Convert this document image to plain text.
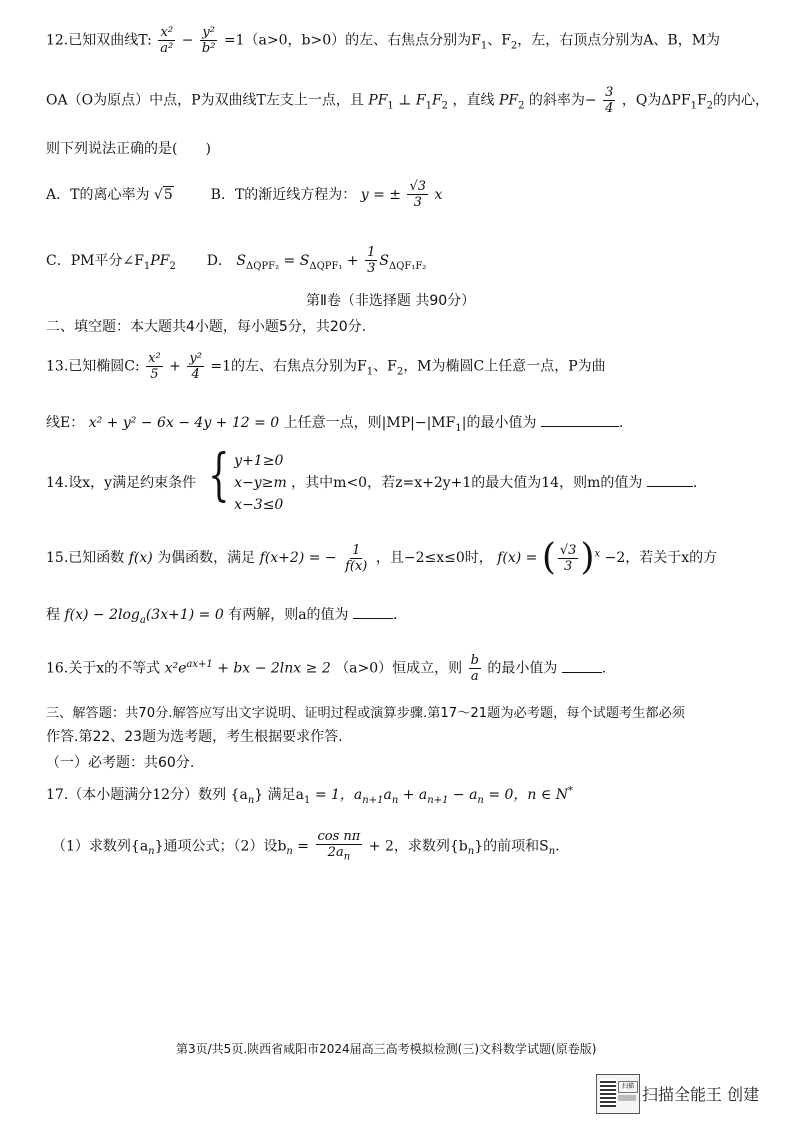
12.已知双曲线T: $\frac{\text{x²}}{\text{a²}} - \frac{\text{y²}}{\text{b²}} =1(a>0$，b>0）的左、右焦点分别为$F_1$、$F_2$，左，右顶点分别为A、B，M为
OA（O为原点）中点，P为双曲线T左支上一点，且 $PF_1$ ⊥ $F_1F_2$ ，直线 $PF_2$ 的斜率为− $\frac{3}{4}$ ，Q为$\Delta PF_1F_2$的内心，
则下列说法正确的是(　　)
A．T的离心率为 √5	B．T的渐近线方程为： y = ± $\frac{√3}{3}$ x
C．PM平分$\angle F_1PF_2$ D． $S_{\Delta QPF_2} = S_{\Delta QPF_1} + \frac{1}{3} S_{\Delta QF_1F_2}$
第Ⅱ卷（非选择题 共90分）
二、填空题：本大题共4小题，每小题5分，共20分.
13.已知椭圆C: $\frac{\text{x²}}{5} + \frac{\text{y²}}{4} =1$的左、右焦点分别为$F_1$、$F_2$，M为椭圆C上任意一点，P为曲
线E： x² + y² − 6x − 4y + 12 = 0 上任意一点，则$|MP|-|MF_1|$的最小值为	.
14.设x，y满足约束条件 { y+1≥0
x−y≥m
x−3≤0
，其中m<0，若z=x+2y+1的最大值为14，则m的值为	.
15.已知函数 f(x) 为偶函数，满足 f(x+2) = − $\frac{1}{f(x)}$ ，且−2≤x≤0时， f(x) = ( $\frac{√3}{3} )^x -2$，若关于x的方
程 $f(x) - 2\log_a(3x+1) = 0$ 有两解，则a的值为	.
16.关于x的不等式 $x^2e^{ax+1}$ + bx − 2lnx ≥ 2 （a>0）恒成立，则 $\frac{b}{a}$ 的最小值为	.
三、解答题：共70分.解答应写出文字说明、证明过程或演算步骤.第17～21题为必考题，每个试题考生都必须
作答.第22、23题为选考题，考生根据要求作答.
（一）必考题：共60分.
17.（本小题满分12分）数列 $\{a_n\}$ 满足$a_1 = 1$，$a_{n+1}a_n + a_{n+1} - a_n = 0$，n ∈ N*
（1）求数列$\{a_n\}$通项公式；（2）设$b_n = \frac{\text{cos nπ}}{2a_n} + 2$，求数列$\{b_n\}$的前项和$S_n$.
第3页/共5页.陕西省咸阳市2024届高三高考模拟检测(三)文科数学试题(原卷版)
扫描 扫描全能王 创建
